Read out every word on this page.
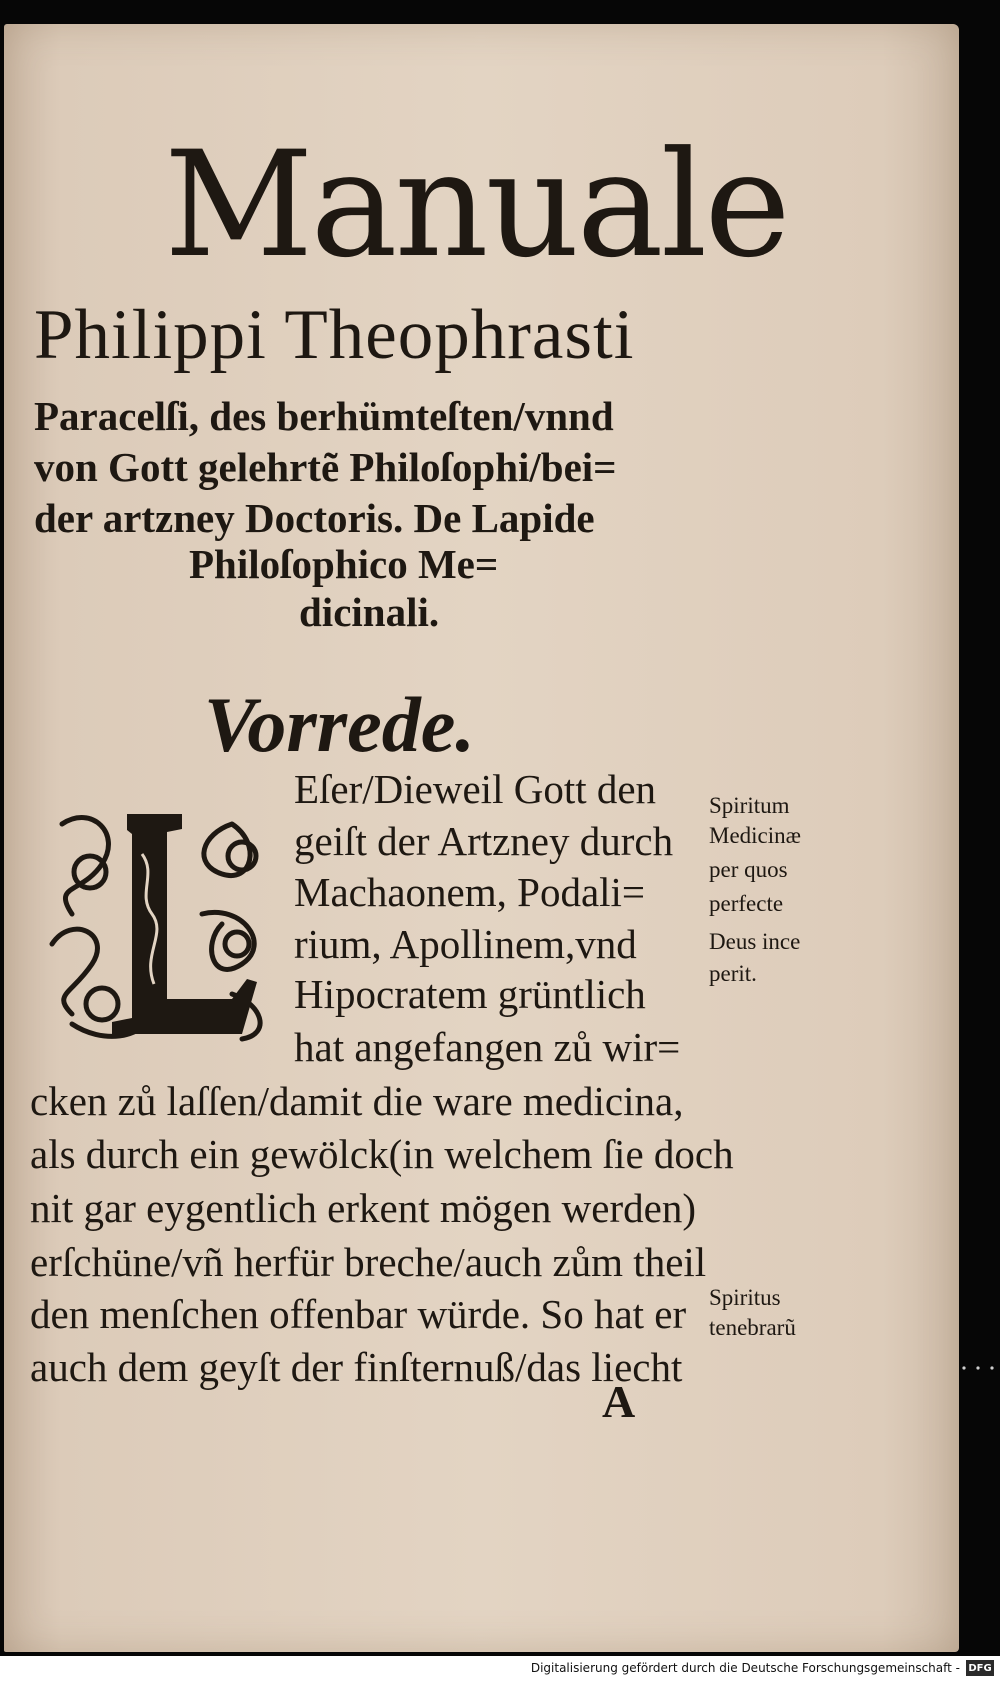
Manuale
Philippi Theophrasti
Paracelſi, des berhümteſten/vnnd
von Gott gelehrtẽ Philoſophi/bei=
der artzney Doctoris. De Lapide
Philoſophico Me=
dicinali.
Vorrede.
Eſer/Dieweil Gott den
geiſt der Artzney durch
Machaonem, Podali=
rium, Apollinem,vnd
Hipocratem grüntlich
hat angefangen zů wir=
cken zů laſſen/damit die ware medicina,
als durch ein gewölck(in welchem ſie doch
nit gar eygentlich erkent mögen werden)
erſchüne/vñ herfür breche/auch zům theil
den menſchen offenbar würde. So hat er
auch dem geyſt der finſternuß/das liecht
Spiritum
Medicinæ
per quos
perfecte
Deus ince
perit.
Spiritus
tenebrarũ
A
Digitalisierung gefördert durch die Deutsche Forschungsgemeinschaft - DFG
